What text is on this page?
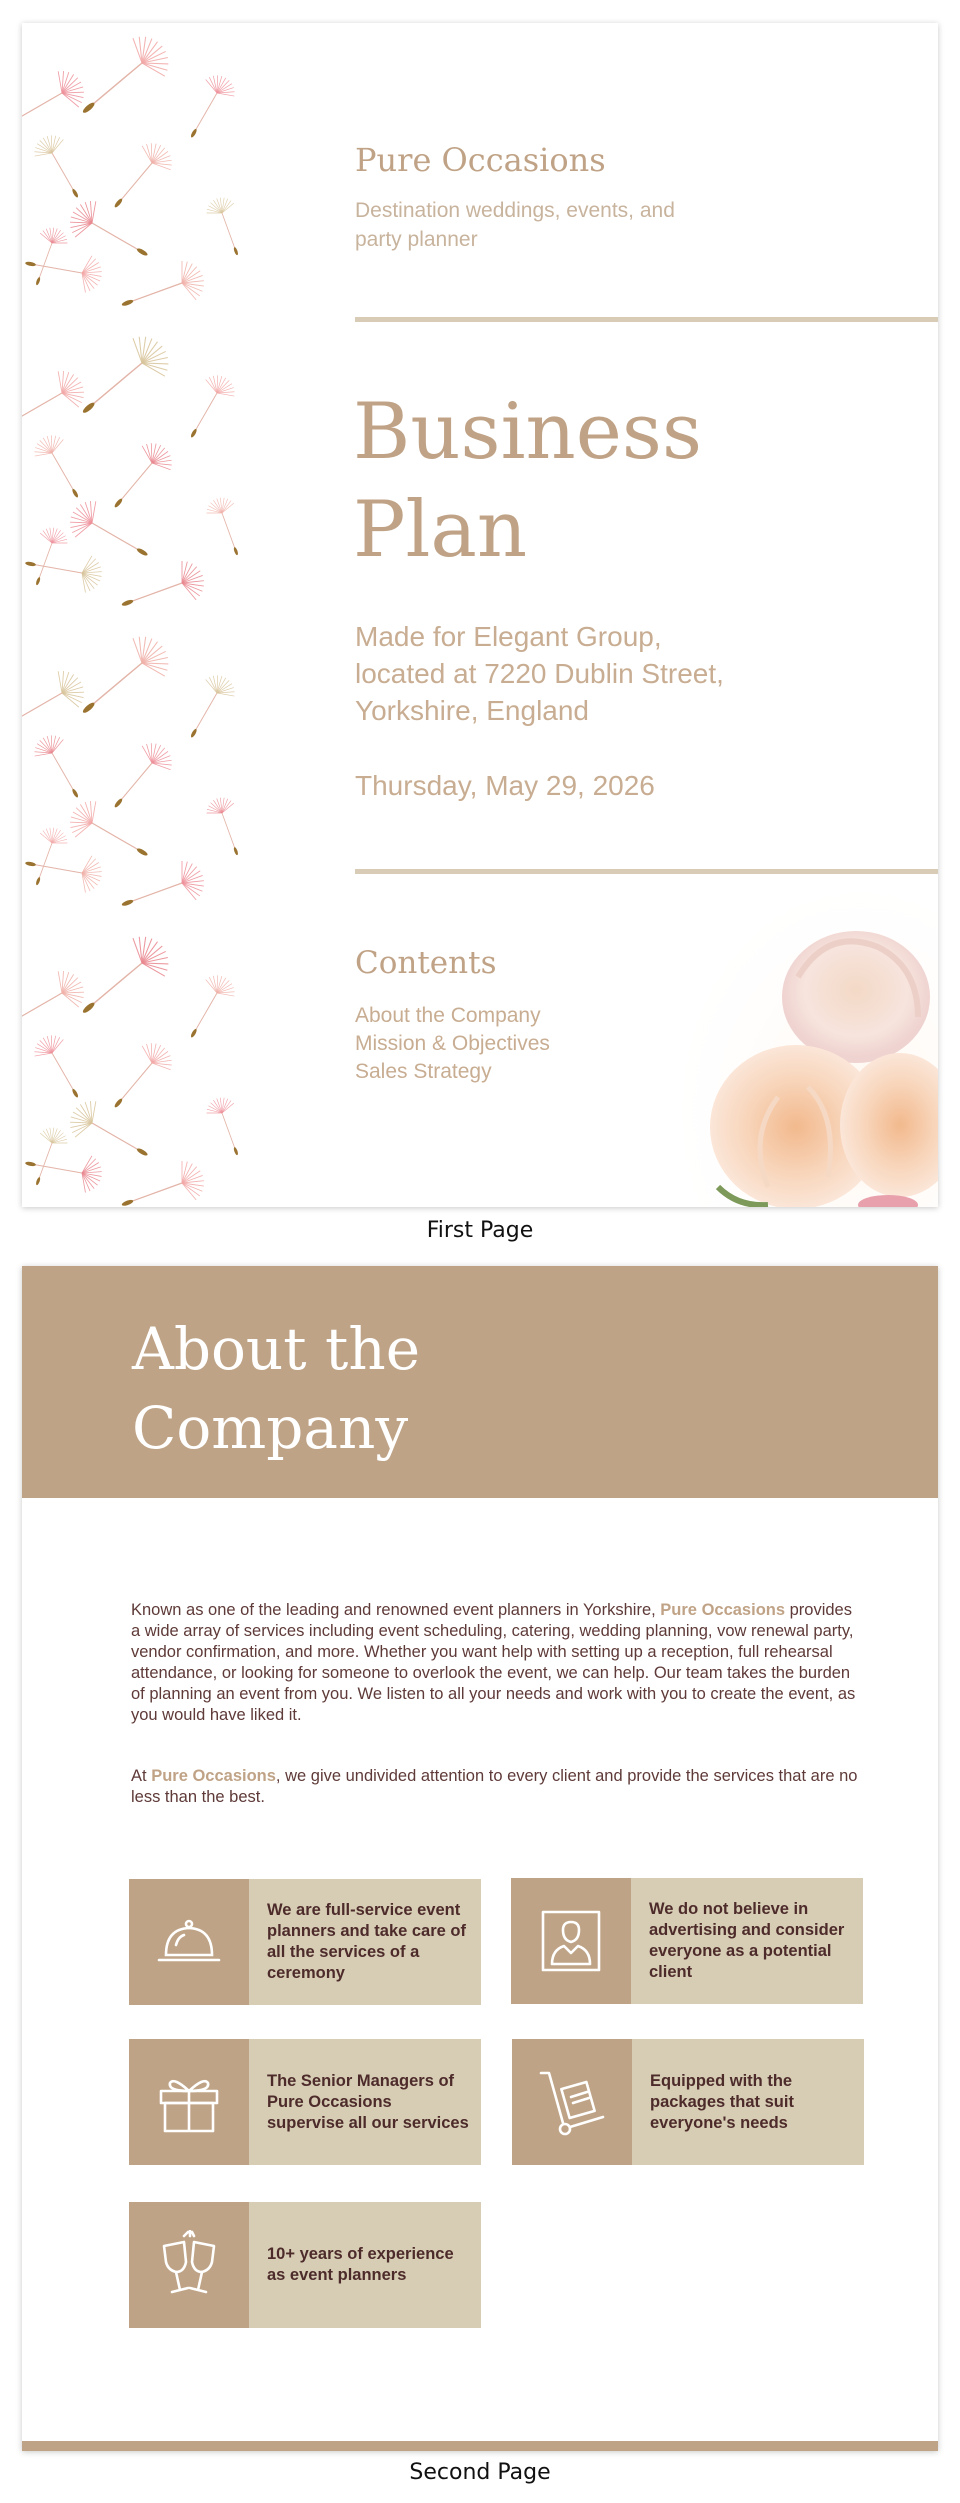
Pure Occasions
Destination weddings, events, and party planner
Business Plan
Made for Elegant Group, located at 7220 Dublin Street, Yorkshire, England
Thursday, May 29, 2026
Contents
About the Company
Mission & Objectives
Sales Strategy
First Page
About the Company

Known as one of the leading and renowned event planners in Yorkshire, Pure Occasions provides a wide array of services including event scheduling, catering, wedding planning, vow renewal party, vendor confirmation, and more. Whether you want help with setting up a reception, full rehearsal attendance, or looking for someone to overlook the event, we can help. Our team takes the burden of planning an event from you. We listen to all your needs and work with you to create the event, as you would have liked it.

At Pure Occasions, we give undivided attention to every client and provide the services that are no less than the best.

We are full-service event planners and take care of all the services of a ceremony
We do not believe in advertising and consider everyone as a potential client
The Senior Managers of Pure Occasions supervise all our services
Equipped with the packages that suit everyone's needs
10+ years of experience as event planners
Second Page
